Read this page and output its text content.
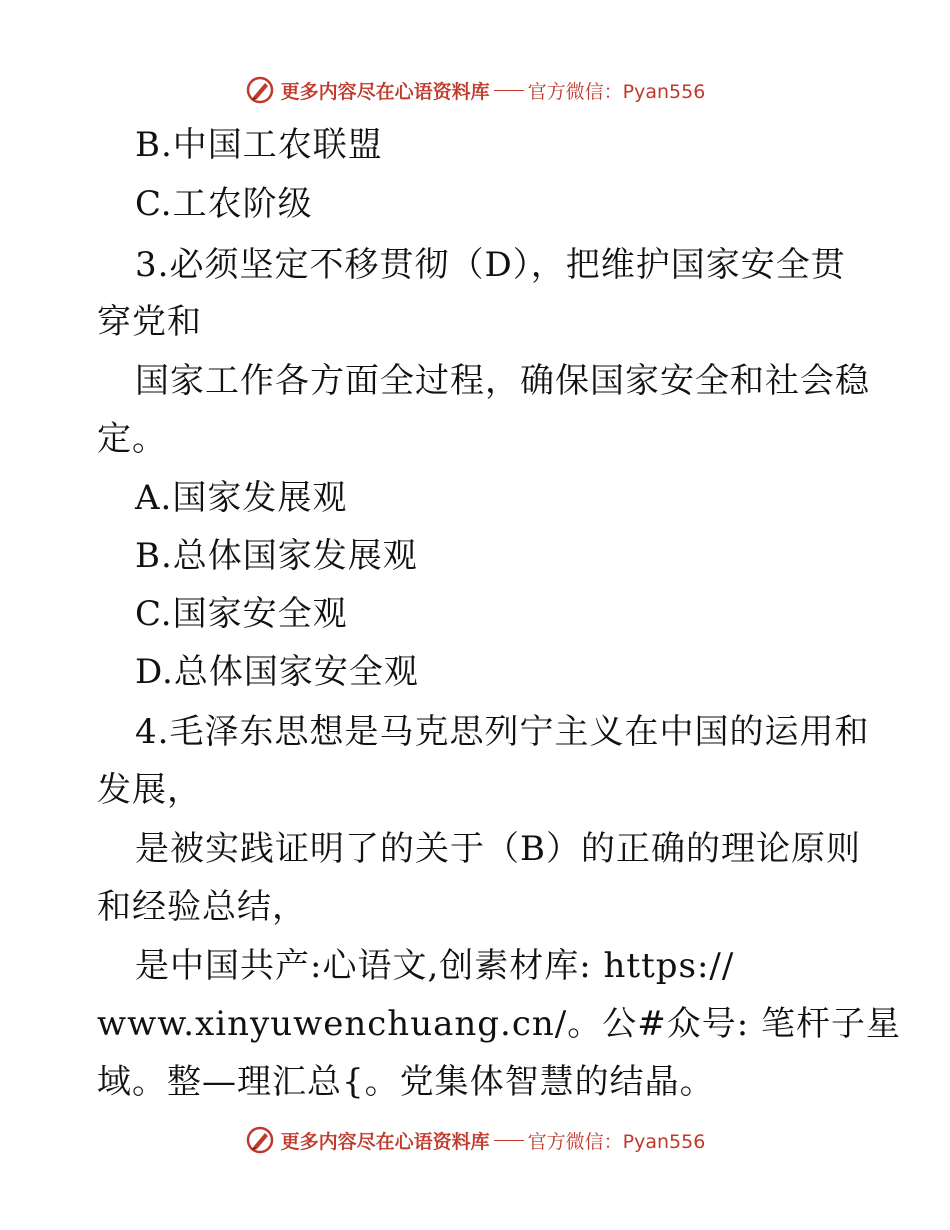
更多内容尽在心语资料库 官方微信：Pyan556
B.中国工农联盟
C.工农阶级
3.必须坚定不移贯彻（D），把维护国家安全贯
穿党和
国家工作各方面全过程，确保国家安全和社会稳
定。
A.国家发展观
B.总体国家发展观
C.国家安全观
D.总体国家安全观
4.毛泽东思想是马克思列宁主义在中国的运用和
发展，
是被实践证明了的关于（B）的正确的理论原则
和经验总结，
是中国共产:心语文,创素材库: https://
www.xinyuwenchuang.cn/。公#众号: 笔杆子星
域。整—理汇总{。党集体智慧的结晶。
更多内容尽在心语资料库 官方微信：Pyan556
